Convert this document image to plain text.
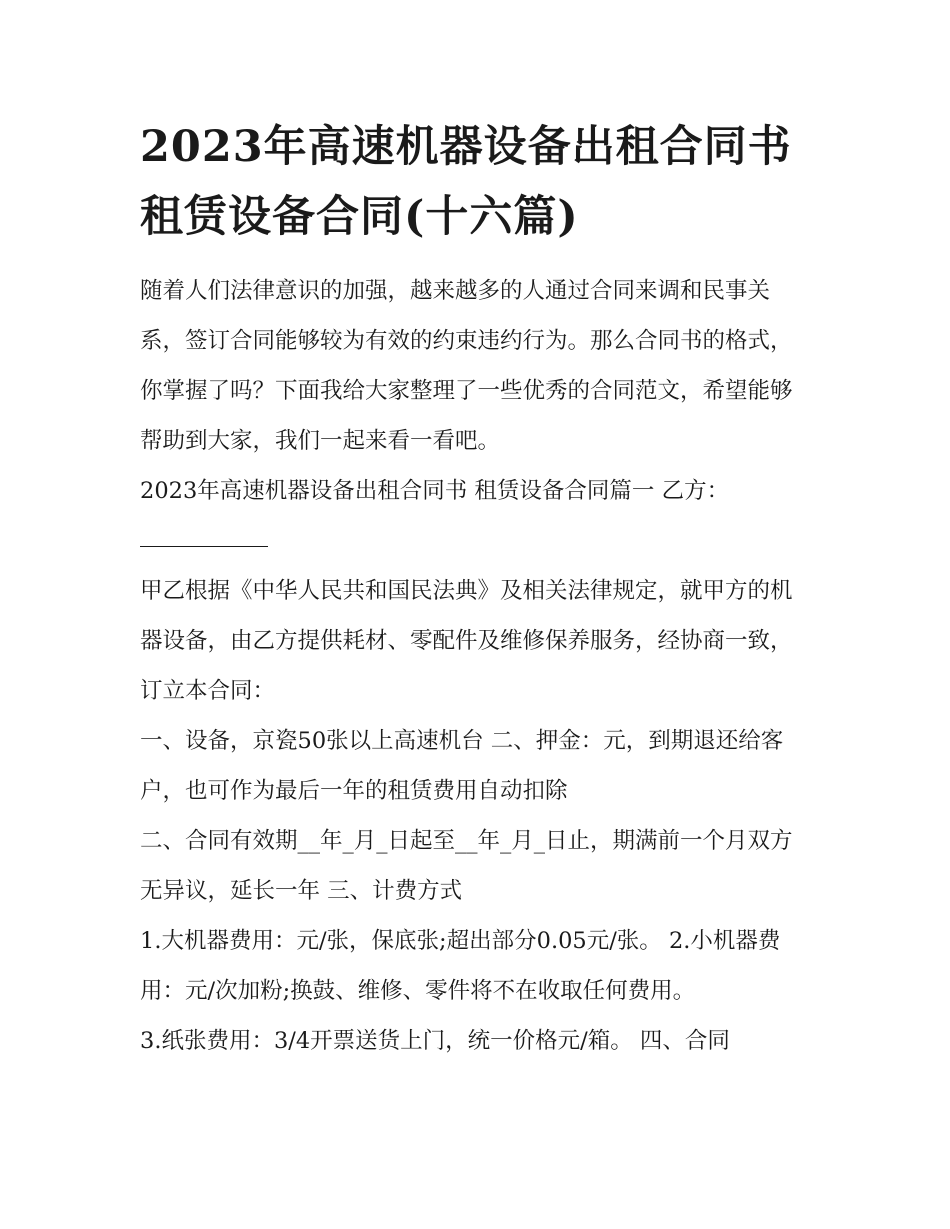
2023年高速机器设备出租合同书 租赁设备合同(十六篇)

随着人们法律意识的加强，越来越多的人通过合同来调和民事关系，签订合同能够较为有效的约束违约行为。那么合同书的格式，你掌握了吗？下面我给大家整理了一些优秀的合同范文，希望能够帮助到大家，我们一起来看一看吧。

2023年高速机器设备出租合同书 租赁设备合同篇一 乙方：

甲乙根据《中华人民共和国民法典》及相关法律规定，就甲方的机器设备，由乙方提供耗材、零配件及维修保养服务，经协商一致，订立本合同：

一、设备，京瓷50张以上高速机台 二、押金：元，到期退还给客户，也可作为最后一年的租赁费用自动扣除

二、合同有效期__年_月_日起至__年_月_日止，期满前一个月双方无异议，延长一年 三、计费方式

1.大机器费用：元/张，保底张;超出部分0.05元/张。 2.小机器费用：元/次加粉;换鼓、维修、零件将不在收取任何费用。

3.纸张费用：3/4开票送货上门，统一价格元/箱。 四、合同
